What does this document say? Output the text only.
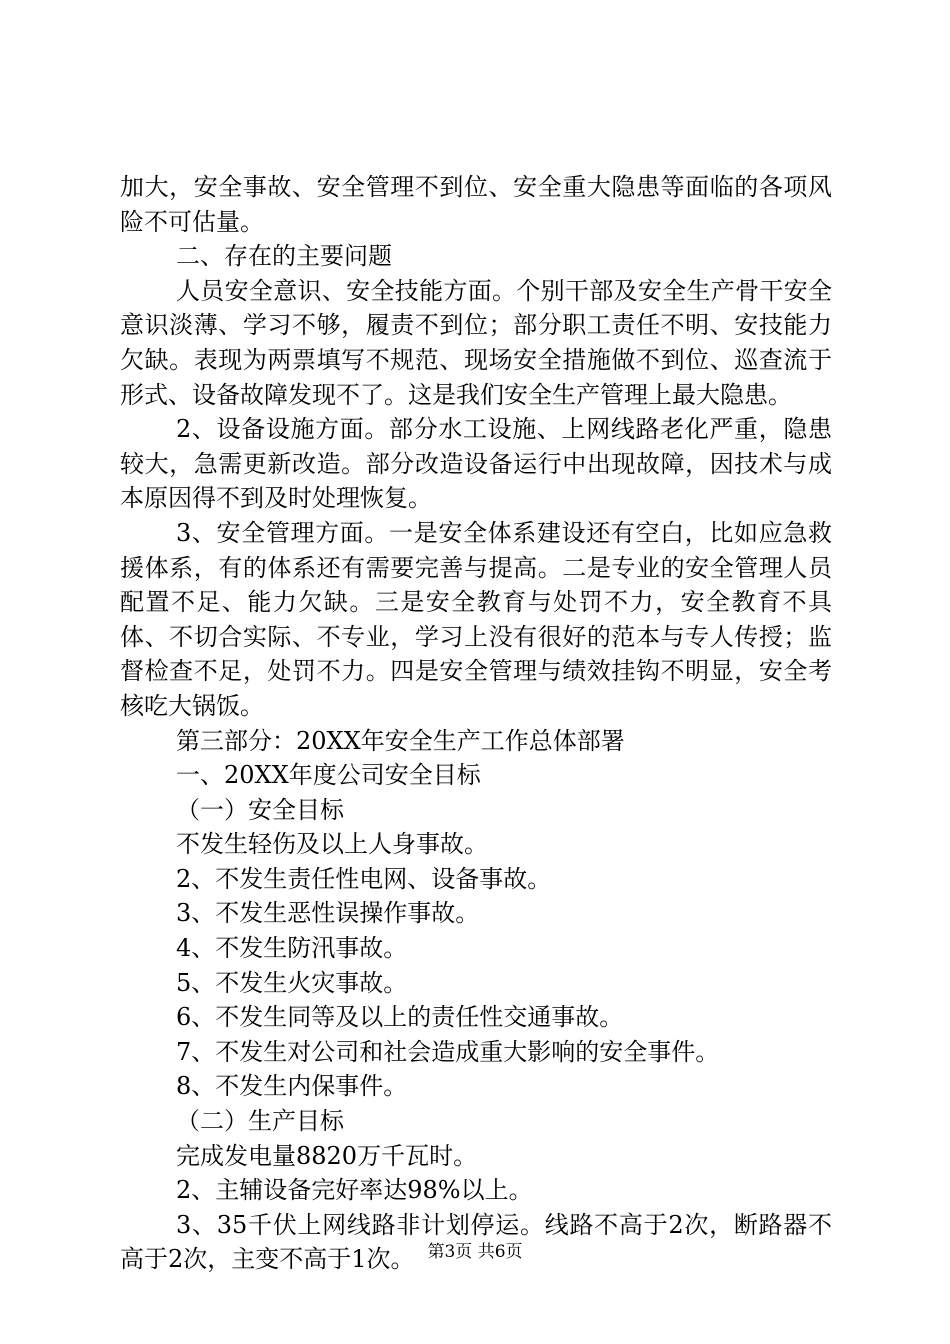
加大，安全事故、安全管理不到位、安全重大隐患等面临的各项风险不可估量。

二、存在的主要问题

人员安全意识、安全技能方面。个别干部及安全生产骨干安全意识淡薄、学习不够，履责不到位；部分职工责任不明、安技能力欠缺。表现为两票填写不规范、现场安全措施做不到位、巡查流于形式、设备故障发现不了。这是我们安全生产管理上最大隐患。

2、设备设施方面。部分水工设施、上网线路老化严重，隐患较大，急需更新改造。部分改造设备运行中出现故障，因技术与成本原因得不到及时处理恢复。

3、安全管理方面。一是安全体系建设还有空白，比如应急救援体系，有的体系还有需要完善与提高。二是专业的安全管理人员配置不足、能力欠缺。三是安全教育与处罚不力，安全教育不具体、不切合实际、不专业，学习上没有很好的范本与专人传授；监督检查不足，处罚不力。四是安全管理与绩效挂钩不明显，安全考核吃大锅饭。

第三部分：20XX年安全生产工作总体部署

一、20XX年度公司安全目标

（一）安全目标

不发生轻伤及以上人身事故。

2、不发生责任性电网、设备事故。

3、不发生恶性误操作事故。

4、不发生防汛事故。

5、不发生火灾事故。

6、不发生同等及以上的责任性交通事故。

7、不发生对公司和社会造成重大影响的安全事件。

8、不发生内保事件。

（二）生产目标

完成发电量8820万千瓦时。

2、主辅设备完好率达98%以上。

3、35千伏上网线路非计划停运。线路不高于2次，断路器不高于2次，主变不高于1次。 第3页 共6页
